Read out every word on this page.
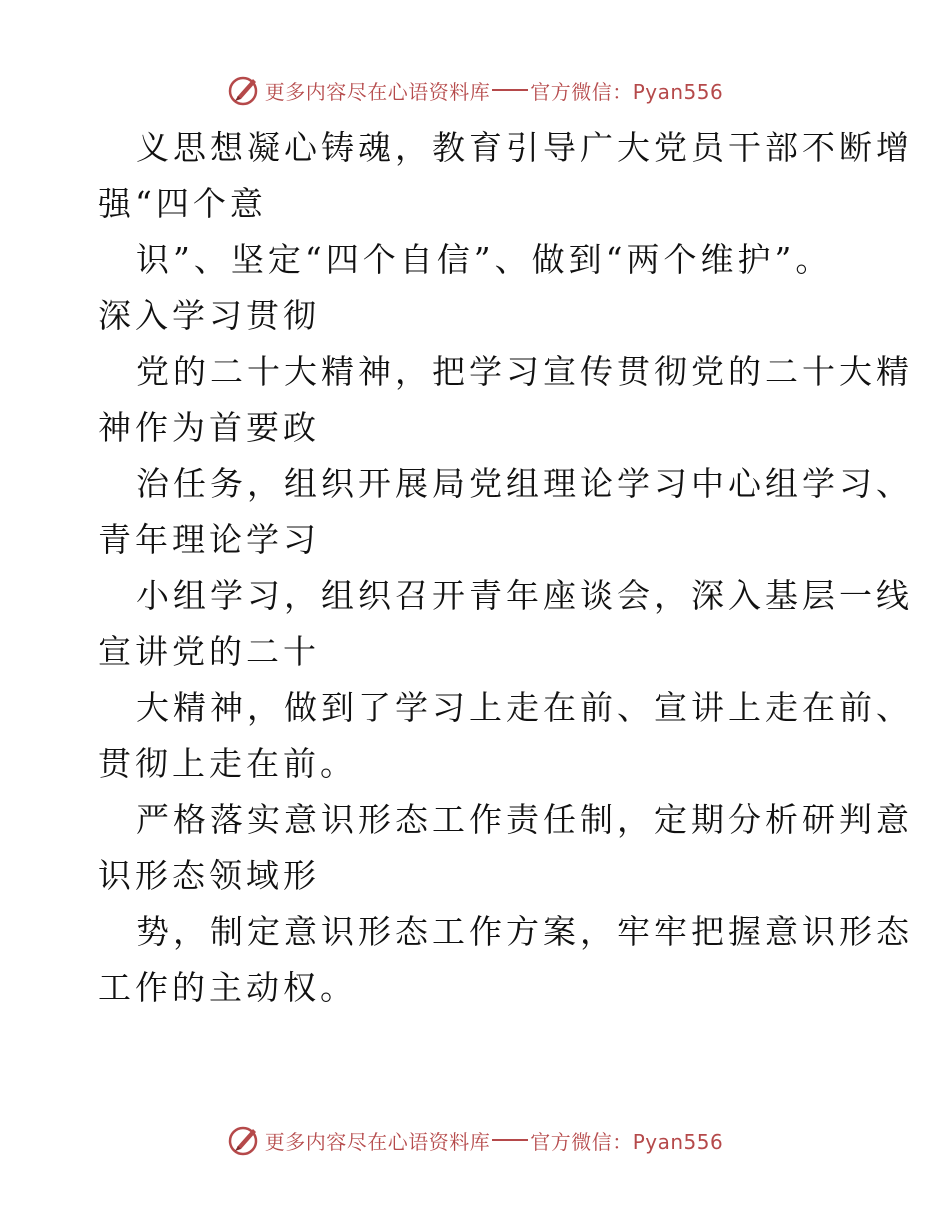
更多内容尽在心语资料库 官方微信：Pyan556
义思想凝心铸魂，教育引导广大党员干部不断增
强“四个意
识”、坚定“四个自信”、做到“两个维护”。
深入学习贯彻
党的二十大精神，把学习宣传贯彻党的二十大精
神作为首要政
治任务，组织开展局党组理论学习中心组学习、
青年理论学习
小组学习，组织召开青年座谈会，深入基层一线
宣讲党的二十
大精神，做到了学习上走在前、宣讲上走在前、
贯彻上走在前。
严格落实意识形态工作责任制，定期分析研判意
识形态领域形
势，制定意识形态工作方案，牢牢把握意识形态
工作的主动权。
更多内容尽在心语资料库 官方微信：Pyan556
